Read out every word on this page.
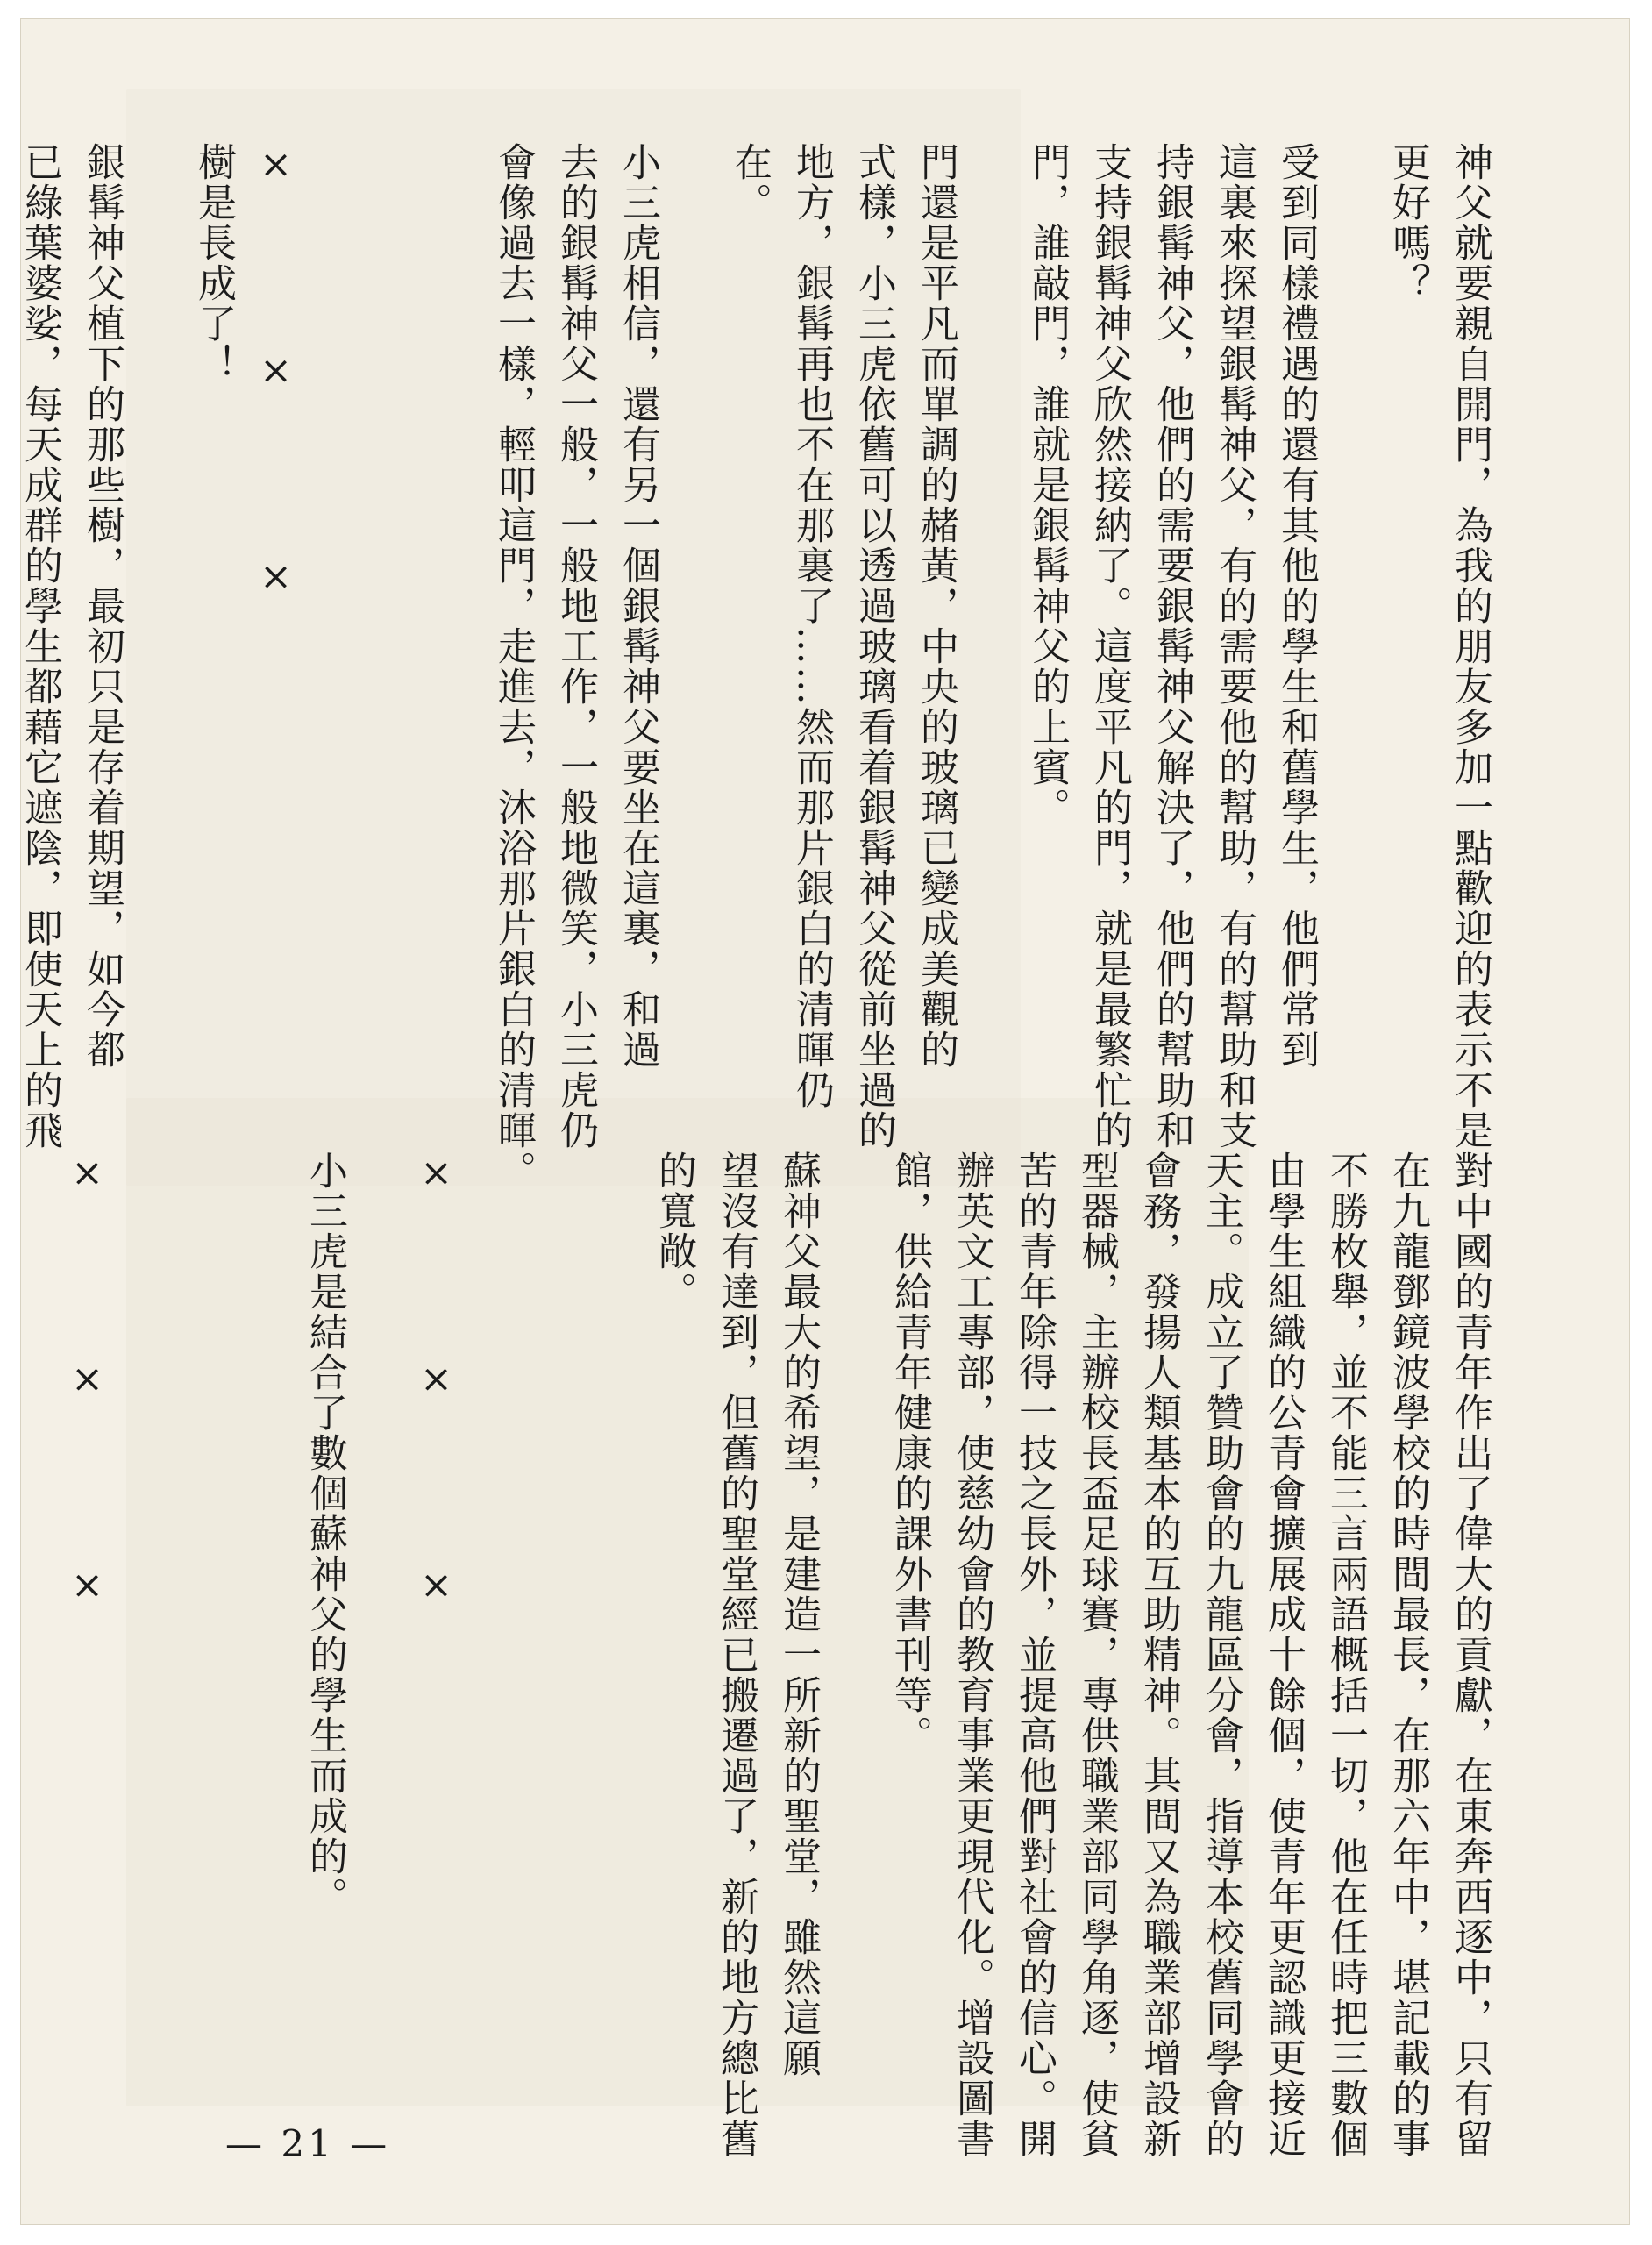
神父就要親自開門，為我的朋友多加一點歡迎的表示不是

更好嗎？

受到同樣禮遇的還有其他的學生和舊學生，他們常到

這裏來探望銀髯神父，有的需要他的幫助，有的幫助和支

持銀髯神父，他們的需要銀髯神父解決了，他們的幫助和

支持銀髯神父欣然接納了。這度平凡的門，就是最繁忙的

門，誰敲門，誰就是銀髯神父的上賓。

門還是平凡而單調的赭黃，中央的玻璃已變成美觀的

式樣，小三虎依舊可以透過玻璃看着銀髯神父從前坐過的

地方，銀髯再也不在那裏了……然而那片銀白的清暉仍

在。

小三虎相信，還有另一個銀髯神父要坐在這裏，和過

去的銀髯神父一般，一般地工作，一般地微笑，小三虎仍

會像過去一樣，輕叩這門，走進去，沐浴那片銀白的清暉。

×　×　×

樹是長成了！

銀髯神父植下的那些樹，最初只是存着期望，如今都

已綠葉婆娑，每天成群的學生都藉它遮陰，即使天上的飛

對中國的青年作出了偉大的貢獻，在東奔西逐中，只有留

在九龍鄧鏡波學校的時間最長，在那六年中，堪記載的事

不勝枚舉，並不能三言兩語概括一切，他在任時把三數個

由學生組織的公青會擴展成十餘個，使青年更認識更接近

天主。成立了贊助會的九龍區分會，指導本校舊同學會的

會務，發揚人類基本的互助精神。其間又為職業部增設新

型器械，主辦校長盃足球賽，專供職業部同學角逐，使貧

苦的青年除得一技之長外，並提高他們對社會的信心。開

辦英文工專部，使慈幼會的教育事業更現代化。增設圖書

館，供給青年健康的課外書刊等。

蘇神父最大的希望，是建造一所新的聖堂，雖然這願

望沒有達到，但舊的聖堂經已搬遷過了，新的地方總比舊

的寬敞。

×　×　×

小三虎是結合了數個蘇神父的學生而成的。

×　×　×

— 21 —
